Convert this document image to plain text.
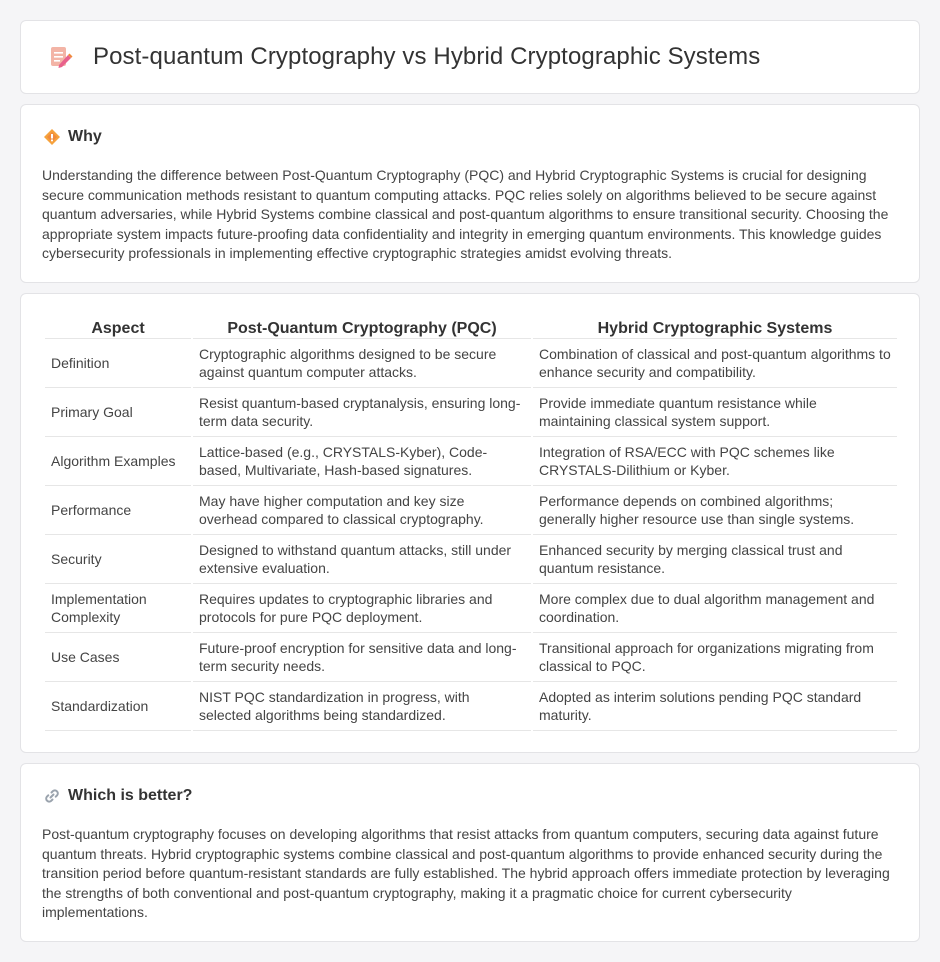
Post-quantum Cryptography vs Hybrid Cryptographic Systems
Why

Understanding the difference between Post-Quantum Cryptography (PQC) and Hybrid Cryptographic Systems is crucial for designing secure communication methods resistant to quantum computing attacks. PQC relies solely on algorithms believed to be secure against quantum adversaries, while Hybrid Systems combine classical and post-quantum algorithms to ensure transitional security. Choosing the appropriate system impacts future-proofing data confidentiality and integrity in emerging quantum environments. This knowledge guides cybersecurity professionals in implementing effective cryptographic strategies amidst evolving threats.

Aspect	Post-Quantum Cryptography (PQC)	Hybrid Cryptographic Systems
Definition	Cryptographic algorithms designed to be secure against quantum computer attacks.	Combination of classical and post-quantum algorithms to enhance security and compatibility.
Primary Goal	Resist quantum-based cryptanalysis, ensuring long-term data security.	Provide immediate quantum resistance while maintaining classical system support.
Algorithm Examples	Lattice-based (e.g., CRYSTALS-Kyber), Code-based, Multivariate, Hash-based signatures.	Integration of RSA/ECC with PQC schemes like CRYSTALS-Dilithium or Kyber.
Performance	May have higher computation and key size overhead compared to classical cryptography.	Performance depends on combined algorithms; generally higher resource use than single systems.
Security	Designed to withstand quantum attacks, still under extensive evaluation.	Enhanced security by merging classical trust and quantum resistance.
Implementation Complexity	Requires updates to cryptographic libraries and protocols for pure PQC deployment.	More complex due to dual algorithm management and coordination.
Use Cases	Future-proof encryption for sensitive data and long-term security needs.	Transitional approach for organizations migrating from classical to PQC.
Standardization	NIST PQC standardization in progress, with selected algorithms being standardized.	Adopted as interim solutions pending PQC standard maturity.
Which is better?

Post-quantum cryptography focuses on developing algorithms that resist attacks from quantum computers, securing data against future quantum threats. Hybrid cryptographic systems combine classical and post-quantum algorithms to provide enhanced security during the transition period before quantum-resistant standards are fully established. The hybrid approach offers immediate protection by leveraging the strengths of both conventional and post-quantum cryptography, making it a pragmatic choice for current cybersecurity implementations.
